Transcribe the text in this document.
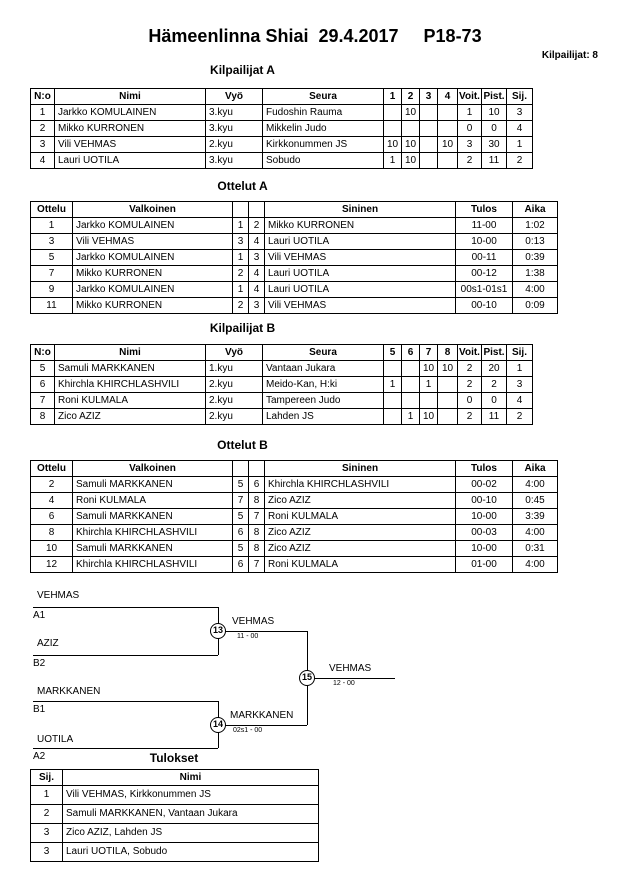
Hämeenlinna Shiai  29.4.2017     P18-73
Kilpailijat: 8
Kilpailijat A
N:o	Nimi	Vyö	Seura	1	2	3	4	Voit.	Pist.	Sij.
1	Jarkko KOMULAINEN	3.kyu	Fudoshin Rauma		10			1	10	3
2	Mikko KURRONEN	3.kyu	Mikkelin Judo					0	0	4
3	Vili VEHMAS	2.kyu	Kirkkonummen JS	10	10		10	3	30	1
4	Lauri UOTILA	3.kyu	Sobudo	1	10			2	11	2
Ottelut A
Ottelu	Valkoinen			Sininen	Tulos	Aika
1	Jarkko KOMULAINEN	1	2	Mikko KURRONEN	11-00	1:02
3	Vili VEHMAS	3	4	Lauri UOTILA	10-00	0:13
5	Jarkko KOMULAINEN	1	3	Vili VEHMAS	00-11	0:39
7	Mikko KURRONEN	2	4	Lauri UOTILA	00-12	1:38
9	Jarkko KOMULAINEN	1	4	Lauri UOTILA	00s1-01s1	4:00
11	Mikko KURRONEN	2	3	Vili VEHMAS	00-10	0:09
Kilpailijat B
N:o	Nimi	Vyö	Seura	5	6	7	8	Voit.	Pist.	Sij.
5	Samuli MARKKANEN	1.kyu	Vantaan Jukara			10	10	2	20	1
6	Khirchla KHIRCHLASHVILI	2.kyu	Meido-Kan, H:ki	1		1		2	2	3
7	Roni KULMALA	2.kyu	Tampereen Judo					0	0	4
8	Zico AZIZ	2.kyu	Lahden JS		1	10		2	11	2
Ottelut B
Ottelu	Valkoinen			Sininen	Tulos	Aika
2	Samuli MARKKANEN	5	6	Khirchla KHIRCHLASHVILI	00-02	4:00
4	Roni KULMALA	7	8	Zico AZIZ	00-10	0:45
6	Samuli MARKKANEN	5	7	Roni KULMALA	10-00	3:39
8	Khirchla KHIRCHLASHVILI	6	8	Zico AZIZ	00-03	4:00
10	Samuli MARKKANEN	5	8	Zico AZIZ	10-00	0:31
12	Khirchla KHIRCHLASHVILI	6	7	Roni KULMALA	01-00	4:00
VEHMAS
A1
AZIZ
B2
13
VEHMAS
11 - 00
15
VEHMAS
12 - 00
MARKKANEN
B1
UOTILA
A2
14
MARKKANEN
02s1 - 00
Tulokset
Sij.	Nimi
1	Vili VEHMAS, Kirkkonummen JS
2	Samuli MARKKANEN, Vantaan Jukara
3	Zico AZIZ, Lahden JS
3	Lauri UOTILA, Sobudo
